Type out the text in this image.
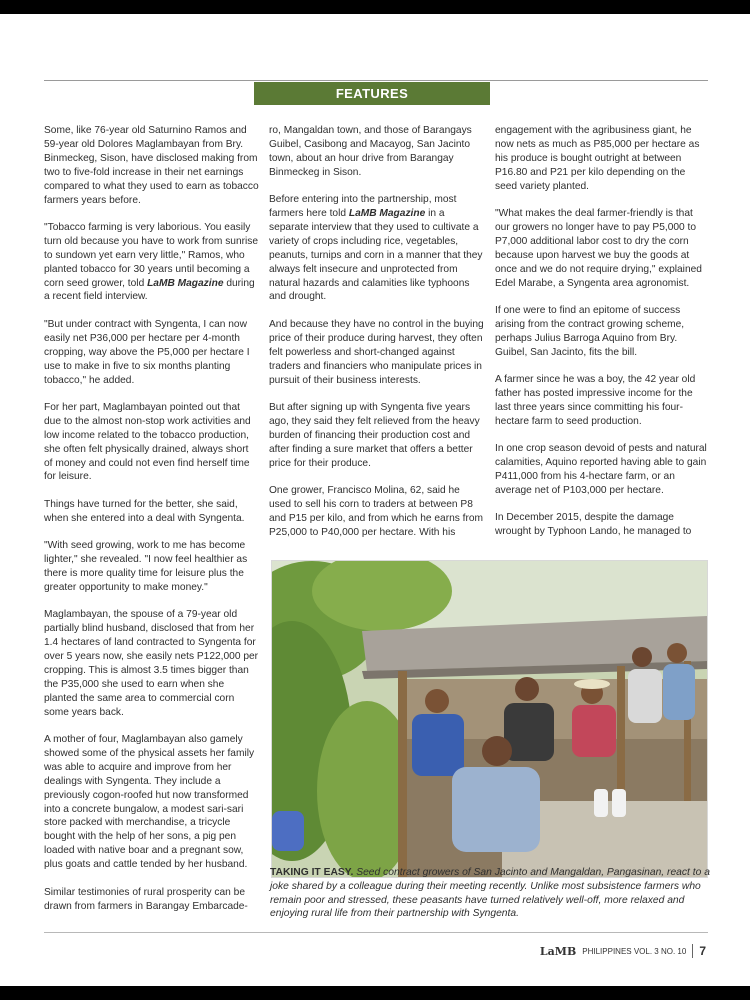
FEATURES

Some, like 76-year old Saturnino Ramos and 59-year old Dolores Maglambayan from Bry. Binmeckeg, Sison, have disclosed making from two to five-fold increase in their net earnings compared to what they used to earn as tobacco farmers years before.

"Tobacco farming is very laborious. You easily turn old because you have to work from sunrise to sundown yet earn very little," Ramos, who planted tobacco for 30 years until becoming a corn seed grower, told LaMB Magazine during a recent field interview.

"But under contract with Syngenta, I can now easily net P36,000 per hectare per 4-month cropping, way above the P5,000 per hectare I use to make in five to six months planting tobacco," he added.

For her part, Maglambayan pointed out that due to the almost non-stop work activities and low income related to the tobacco production, she often felt physically drained, always short of money and could not even find herself time for leisure.

Things have turned for the better, she said, when she entered into a deal with Syngenta.

"With seed growing, work to me has become lighter," she revealed. "I now feel healthier as there is more quality time for leisure plus the greater opportunity to make money."

Maglambayan, the spouse of a 79-year old partially blind husband, disclosed that from her 1.4 hectares of land contracted to Syngenta for over 5 years now, she easily nets P122,000 per cropping. This is almost 3.5 times bigger than the P35,000 she used to earn when she planted the same area to commercial corn some years back.

A mother of four, Maglambayan also gamely showed some of the physical assets her family was able to acquire and improve from her dealings with Syngenta. They include a previously cogon-roofed hut now transformed into a concrete bungalow, a modest sari-sari store packed with merchandise, a tricycle bought with the help of her sons, a pig pen loaded with native boar and a pregnant sow, plus goats and cattle tended by her husband.

Similar testimonies of rural prosperity can be drawn from farmers in Barangay Embarcade-

ro, Mangaldan town, and those of Barangays Guibel, Casibong and Macayog, San Jacinto town, about an hour drive from Barangay Binmeckeg in Sison.

Before entering into the partnership, most farmers here told LaMB Magazine in a separate interview that they used to cultivate a variety of crops including rice, vegetables, peanuts, turnips and corn in a manner that they always felt insecure and unprotected from natural hazards and calamities like typhoons and drought.

And because they have no control in the buying price of their produce during harvest, they often felt powerless and short-changed against traders and financiers who manipulate prices in pursuit of their business interests.

But after signing up with Syngenta five years ago, they said they felt relieved from the heavy burden of financing their production cost and after finding a sure market that offers a better price for their produce.

One grower, Francisco Molina, 62, said he used to sell his corn to traders at between P8 and P15 per kilo, and from which he earns from P25,000 to P40,000 per hectare. With his

engagement with the agribusiness giant, he now nets as much as P85,000 per hectare as his produce is bought outright at between P16.80 and P21 per kilo depending on the seed variety planted.

"What makes the deal farmer-friendly is that our growers no longer have to pay P5,000 to P7,000 additional labor cost to dry the corn because upon harvest we buy the goods at once and we do not require drying," explained Edel Marabe, a Syngenta area agronomist.

If one were to find an epitome of success arising from the contract growing scheme, perhaps Julius Barroga Aquino from Bry. Guibel, San Jacinto, fits the bill.

A farmer since he was a boy, the 42 year old father has posted impressive income for the last three years since committing his four-hectare farm to seed production.

In one crop season devoid of pests and natural calamities, Aquino reported having able to gain P411,000 from his 4-hectare farm, or an average net of P103,000 per hectare.

In December 2015, despite the damage wrought by Typhoon Lando, he managed to

TAKING IT EASY. Seed contract growers of San Jacinto and Mangaldan, Pangasinan, react to a joke shared by a colleague during their meeting recently. Unlike most subsistence farmers who remain poor and stressed, these peasants have turned relatively well-off, more relaxed and enjoying rural life from their partnership with Syngenta.
LaMB PHILIPPINES VOL. 3 NO. 10 7
